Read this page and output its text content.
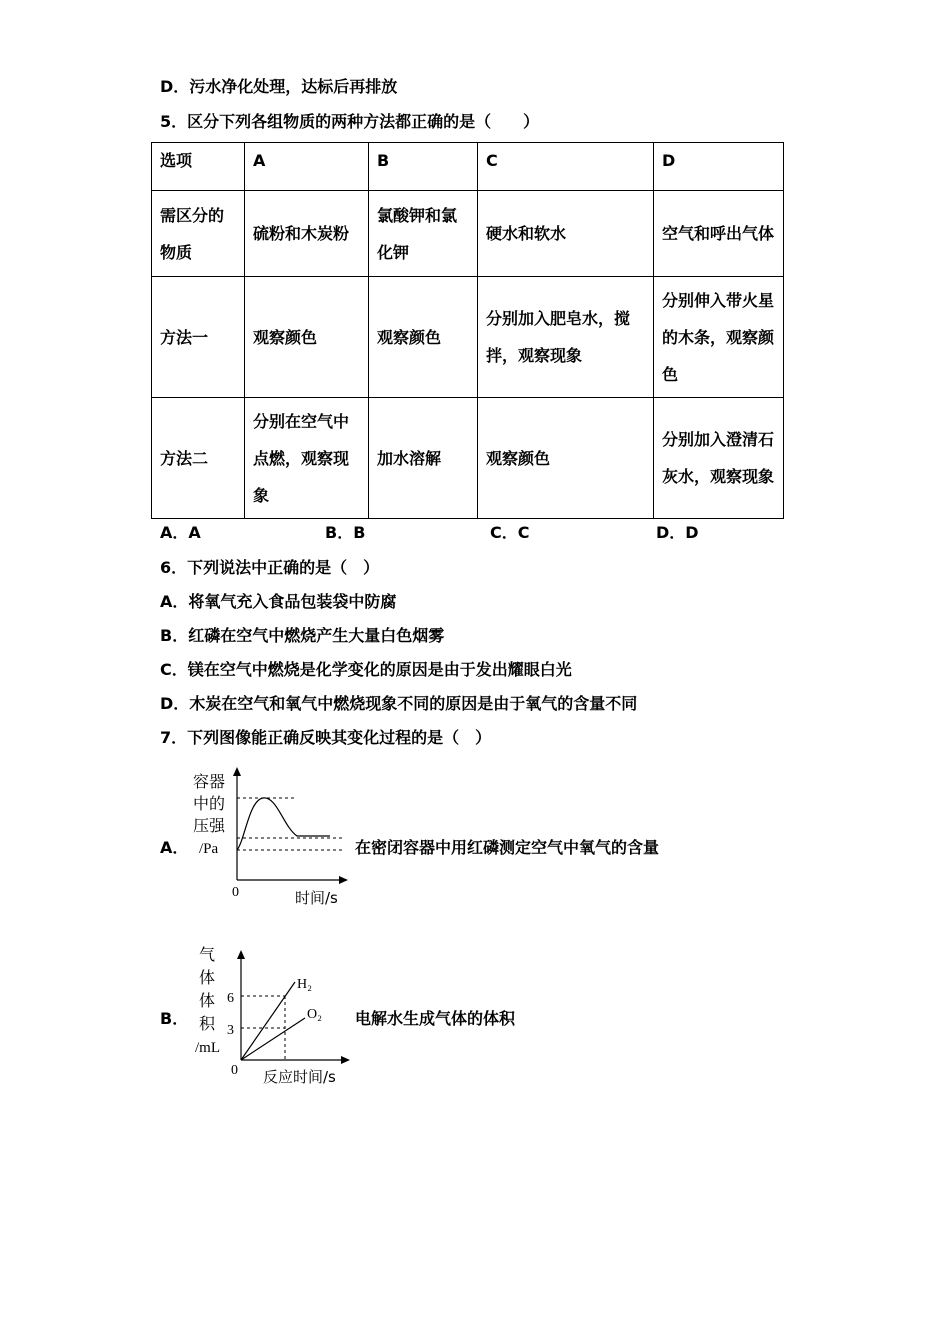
D．污水净化处理，达标后再排放
5．区分下列各组物质的两种方法都正确的是（　　）
选项	A	B	C	D
需区分的物质	硫粉和木炭粉	氯酸钾和氯化钾	硬水和软水	空气和呼出气体
方法一	观察颜色	观察颜色	分别加入肥皂水，搅拌，观察现象	分别伸入带火星的木条，观察颜色
方法二	分别在空气中点燃，观察现象	加水溶解	观察颜色	分别加入澄清石灰水，观察现象
A．A	B．B	C．C	D．D
6．下列说法中正确的是（　）
A．将氧气充入食品包装袋中防腐
B．红磷在空气中燃烧产生大量白色烟雾
C．镁在空气中燃烧是化学变化的原因是由于发出耀眼白光
D．木炭在空气和氧气中燃烧现象不同的原因是由于氧气的含量不同
7．下列图像能正确反映其变化过程的是（　）
A．	在密闭容器中用红磷测定空气中氧气的含量
容器
中的
压强
/Pa
0	时间/s
B．	电解水生成气体的体积
气
体
体
积
/mL
6
3
H₂
O₂
0 反应时间/s
